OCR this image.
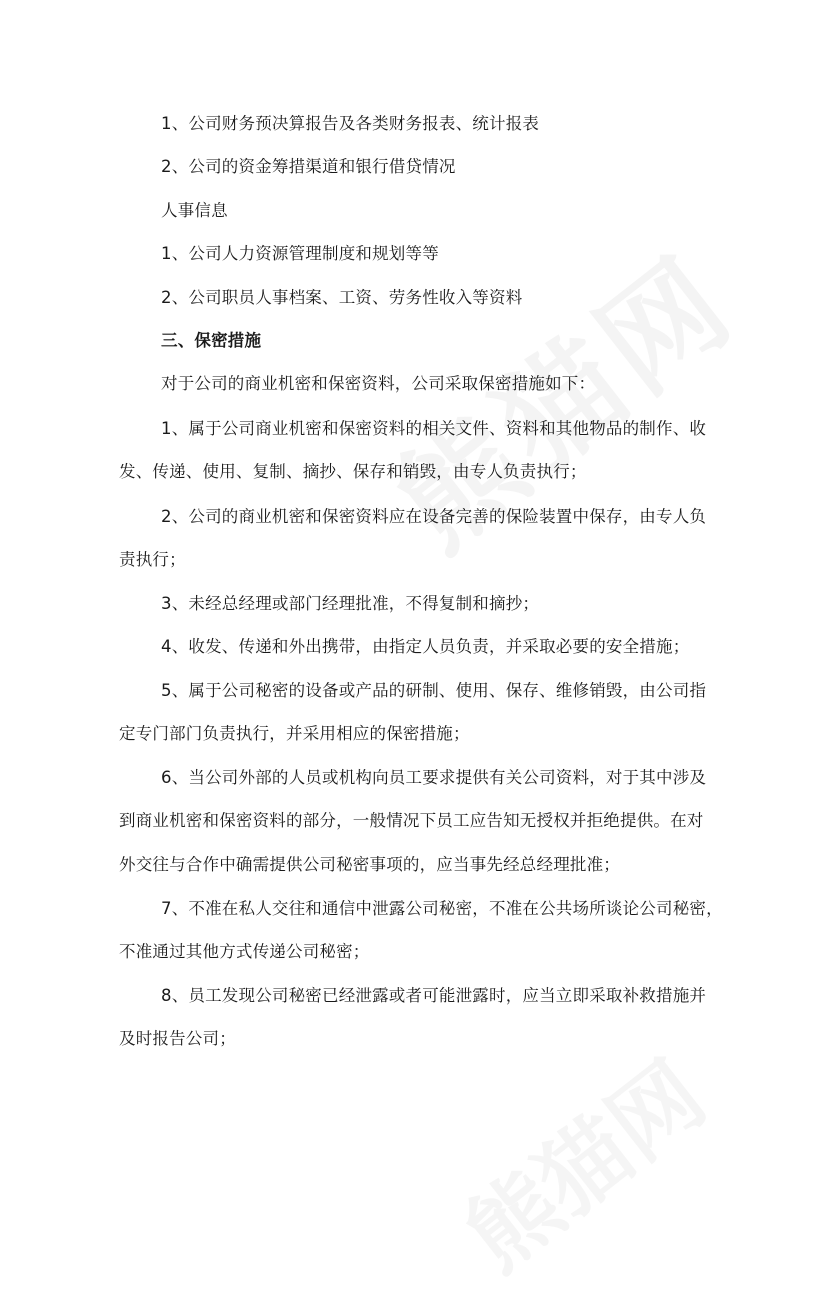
1、公司财务预决算报告及各类财务报表、统计报表
2、公司的资金筹措渠道和银行借贷情况
人事信息
1、公司人力资源管理制度和规划等等
2、公司职员人事档案、工资、劳务性收入等资料
三、保密措施
对于公司的商业机密和保密资料，公司采取保密措施如下：
1、属于公司商业机密和保密资料的相关文件、资料和其他物品的制作、收
发、传递、使用、复制、摘抄、保存和销毁，由专人负责执行；
2、公司的商业机密和保密资料应在设备完善的保险装置中保存，由专人负
责执行；
3、未经总经理或部门经理批准，不得复制和摘抄；
4、收发、传递和外出携带，由指定人员负责，并采取必要的安全措施；
5、属于公司秘密的设备或产品的研制、使用、保存、维修销毁，由公司指
定专门部门负责执行，并采用相应的保密措施；
6、当公司外部的人员或机构向员工要求提供有关公司资料，对于其中涉及
到商业机密和保密资料的部分，一般情况下员工应告知无授权并拒绝提供。在对
外交往与合作中确需提供公司秘密事项的，应当事先经总经理批准；
7、不准在私人交往和通信中泄露公司秘密，不准在公共场所谈论公司秘密，
不准通过其他方式传递公司秘密；
8、员工发现公司秘密已经泄露或者可能泄露时，应当立即采取补救措施并
及时报告公司；
